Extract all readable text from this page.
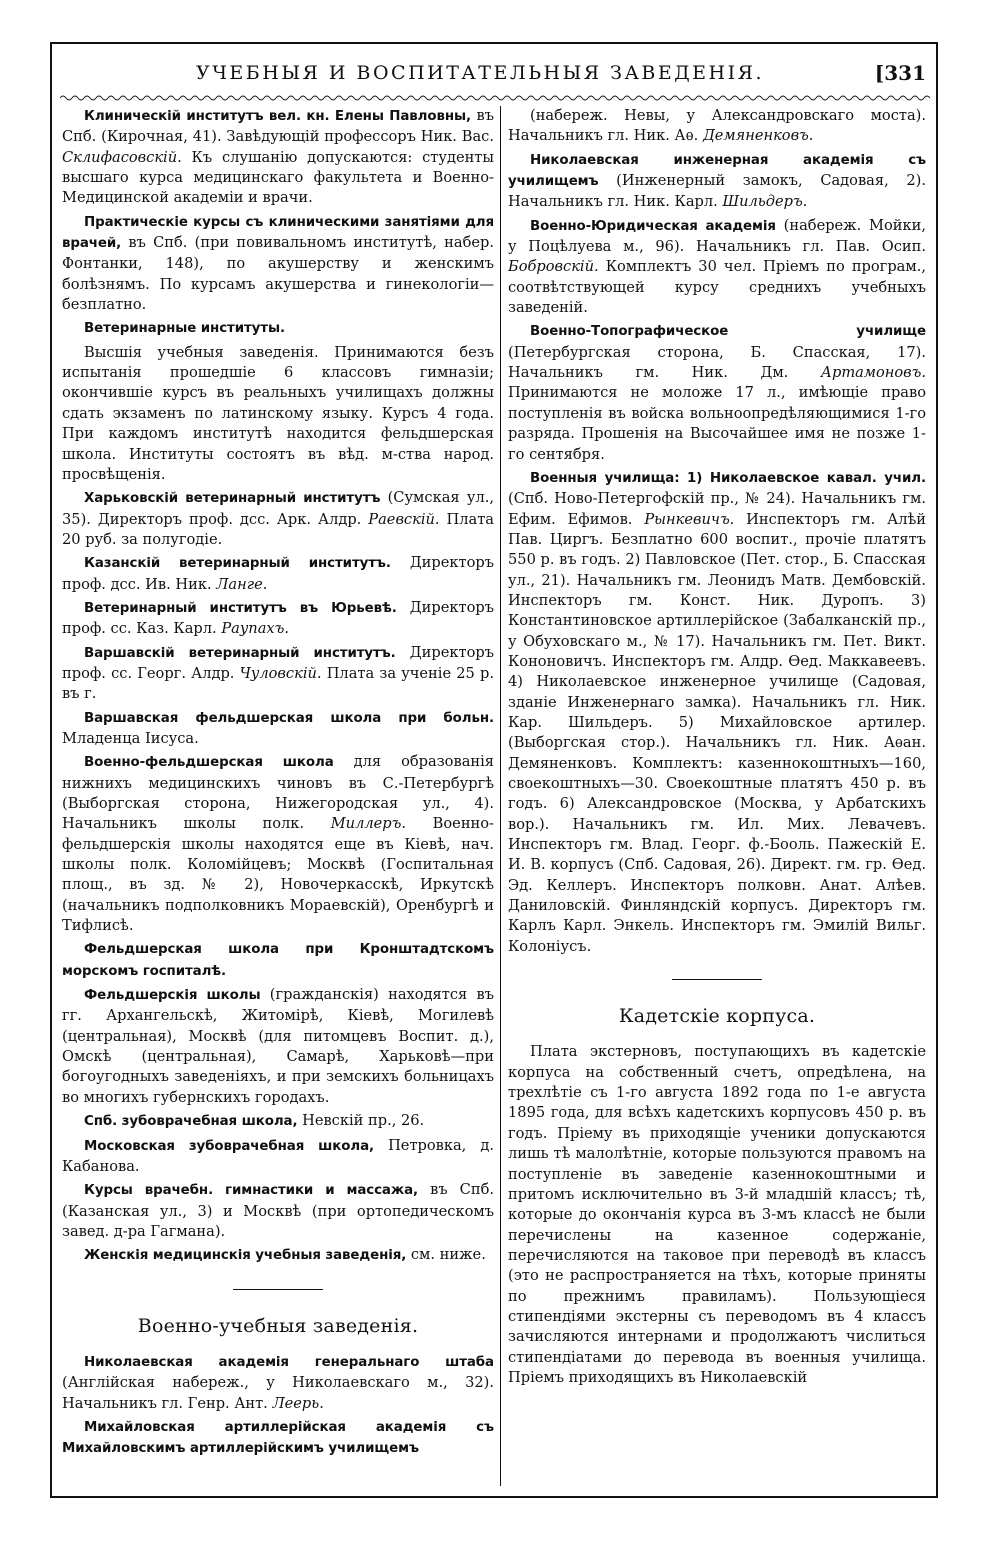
УЧЕБНЫЯ И ВОСПИТАТЕЛЬНЫЯ ЗАВЕДЕНІЯ.	[331

Клиническій институтъ вел. кн. Елены Павловны, въ Спб. (Кирочная, 41). Завѣдующій профессоръ Ник. Вас. Склифасовскій. Къ слушанію допускаются: студенты высшаго курса медицинскаго факультета и Военно-Медицинской академіи и врачи.

Практическіе курсы съ клиническими занятіями для врачей, въ Спб. (при повивальномъ институтѣ, набер. Фонтанки, 148), по акушерству и женскимъ болѣзнямъ. По курсамъ акушерства и гинекологіи—безплатно.

Ветеринарные институты.

Высшія учебныя заведенія. Принимаются безъ испытанія прошедшіе 6 классовъ гимназіи; окончившіе курсъ въ реальныхъ училищахъ должны сдать экзаменъ по латинскому языку. Курсъ 4 года. При каждомъ институтѣ находится фельдшерская школа. Институты состоятъ въ вѣд. м-ства народ. просвѣщенія.

Харьковскій ветеринарный институтъ (Сумская ул., 35). Директоръ проф. дсс. Арк. Алдр. Раевскій. Плата 20 руб. за полугодіе.

Казанскій ветеринарный институтъ. Директоръ проф. дсс. Ив. Ник. Ланге.

Ветеринарный институтъ въ Юрьевѣ. Директоръ проф. сс. Каз. Карл. Раупахъ.

Варшавскій ветеринарный институтъ. Директоръ проф. сс. Георг. Алдр. Чуловскій. Плата за ученіе 25 р. въ г.

Варшавская фельдшерская школа при больн. Младенца Іисуса.

Военно-фельдшерская школа для образованія нижнихъ медицинскихъ чиновъ въ С.-Петербургѣ (Выборгская сторона, Нижегородская ул., 4). Начальникъ школы полк. Миллеръ. Военно-фельдшерскія школы находятся еще въ Кіевѣ, нач. школы полк. Коломійцевъ; Москвѣ (Госпитальная площ., въ зд. № 2), Новочеркасскѣ, Иркутскѣ (начальникъ подполковникъ Мораевскій), Оренбургѣ и Тифлисѣ.

Фельдшерская школа при Кронштадтскомъ морскомъ госпиталѣ.

Фельдшерскія школы (гражданскія) находятся въ гг. Архангельскѣ, Житомірѣ, Кіевѣ, Могилевѣ (центральная), Москвѣ (для питомцевъ Воспит. д.), Омскѣ (центральная), Самарѣ, Харьковѣ—при богоугодныхъ заведеніяхъ, и при земскихъ больницахъ во многихъ губернскихъ городахъ.

Спб. зубоврачебная школа, Невскій пр., 26.

Московская зубоврачебная школа, Петровка, д. Кабанова.

Курсы врачебн. гимнастики и массажа, въ Спб. (Казанская ул., 3) и Москвѣ (при ортопедическомъ завед. д-ра Гагмана).

Женскія медицинскія учебныя заведенія, см. ниже.

Военно-учебныя заведенія.

Николаевская академія генеральнаго штаба (Англійская набереж., у Николаевскаго м., 32). Начальникъ гл. Генр. Ант. Леерь.

Михайловская артиллерійская академія съ Михайловскимъ артиллерійскимъ училищемъ

(набереж. Невы, у Александровскаго моста). Начальникъ гл. Ник. Аѳ. Демяненковъ.

Николаевская инженерная академія съ училищемъ (Инженерный замокъ, Садовая, 2). Начальникъ гл. Ник. Карл. Шильдеръ.

Военно-Юридическая академія (набереж. Мойки, у Поцѣлуева м., 96). Начальникъ гл. Пав. Осип. Бобровскій. Комплектъ 30 чел. Пріемъ по програм., соотвѣтствующей курсу среднихъ учебныхъ заведеній.

Военно-Топографическое училище (Петербургская сторона, Б. Спасская, 17). Начальникъ гм. Ник. Дм. Артамоновъ. Принимаются не моложе 17 л., имѣющіе право поступленія въ войска вольноопредѣляющимися 1-го разряда. Прошенія на Высочайшее имя не позже 1-го сентября.

Военныя училища: 1) Николаевское кавал. учил. (Спб. Ново-Петергофскій пр., № 24). Начальникъ гм. Ефим. Ефимов. Рынкевичъ. Инспекторъ гм. Алѣй Пав. Циргъ. Безплатно 600 воспит., прочіе платятъ 550 р. въ годъ. 2) Павловское (Пет. стор., Б. Спасская ул., 21). Начальникъ гм. Леонидъ Матв. Дембовскій. Инспекторъ гм. Конст. Ник. Дуропъ. 3) Константиновское артиллерійское (Забалканскій пр., у Обуховскаго м., № 17). Начальникъ гм. Пет. Викт. Кононовичъ. Инспекторъ гм. Алдр. Ѳед. Маккавеевъ. 4) Николаевское инженерное училище (Садовая, зданіе Инженернаго замка). Начальникъ гл. Ник. Кар. Шильдеръ. 5) Михайловское артилер. (Выборгская стор.). Начальникъ гл. Ник. Аѳан. Демяненковъ. Комплектъ: казеннокоштныхъ—160, своекоштныхъ—30. Своекоштные платятъ 450 р. въ годъ. 6) Александровское (Москва, у Арбатскихъ вор.). Начальникъ гм. Ил. Мих. Левачевъ. Инспекторъ гм. Влад. Георг. ф.-Бооль. Пажескій Е. И. В. корпусъ (Спб. Садовая, 26). Директ. гм. гр. Ѳед. Эд. Келлеръ. Инспекторъ полковн. Анат. Алѣев. Даниловскій. Финляндскій корпусъ. Директоръ гм. Карлъ Карл. Энкель. Инспекторъ гм. Эмилій Вильг. Колоніусъ.

Кадетскіе корпуса.
Плата экстерновъ, поступающихъ въ кадетскіе корпуса на собственный счетъ, опредѣлена, на трехлѣтіе съ 1-го августа 1892 года по 1-е августа 1895 года, для всѣхъ кадетскихъ корпусовъ 450 р. въ годъ. Пріему въ приходящіе ученики допускаются лишь тѣ малолѣтніе, которые пользуются правомъ на поступленіе въ заведеніе казеннокоштными и притомъ исключительно въ 3-й младшій классъ; тѣ, которые до окончанія курса въ 3-мъ классѣ не были перечислены на казенное содержаніе, перечисляются на таковое при переводѣ въ классъ (это не распространяется на тѣхъ, которые приняты по прежнимъ правиламъ). Пользующіеся стипендіями экстерны съ переводомъ въ 4 классъ зачисляются интернами и продолжаютъ числиться стипендіатами до перевода въ военныя училища. Пріемъ приходящихъ въ Николаевскій
